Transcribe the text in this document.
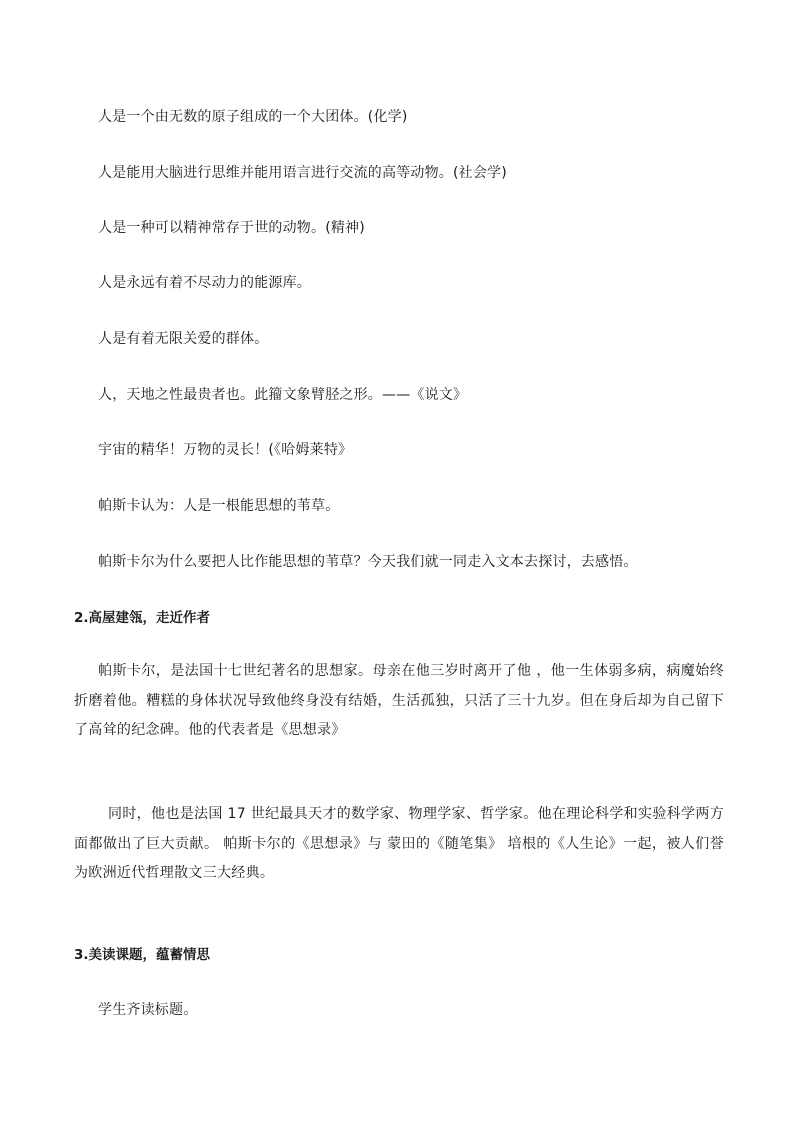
人是一个由无数的原子组成的一个大团体。(化学)
人是能用大脑进行思维并能用语言进行交流的高等动物。(社会学)
人是一种可以精神常存于世的动物。(精神)
人是永远有着不尽动力的能源库。
人是有着无限关爱的群体。
人，天地之性最贵者也。此籀文象臂胫之形。——《说文》
宇宙的精华！万物的灵长！(《哈姆莱特》
帕斯卡认为：人是一根能思想的苇草。
帕斯卡尔为什么要把人比作能思想的苇草？今天我们就一同走入文本去探讨，去感悟。
2.高屋建瓴，走近作者
帕斯卡尔，是法国十七世纪著名的思想家。母亲在他三岁时离开了他 ，他一生体弱多病，病魔始终折磨着他。糟糕的身体状况导致他终身没有结婚，生活孤独，只活了三十九岁。但在身后却为自己留下了高耸的纪念碑。他的代表者是《思想录》
同时，他也是法国 17 世纪最具天才的数学家、物理学家、哲学家。他在理论科学和实验科学两方面都做出了巨大贡献。 帕斯卡尔的《思想录》与 蒙田的《随笔集》 培根的《人生论》一起，被人们誉为欧洲近代哲理散文三大经典。
3.美读课题，蕴蓄情思
学生齐读标题。
